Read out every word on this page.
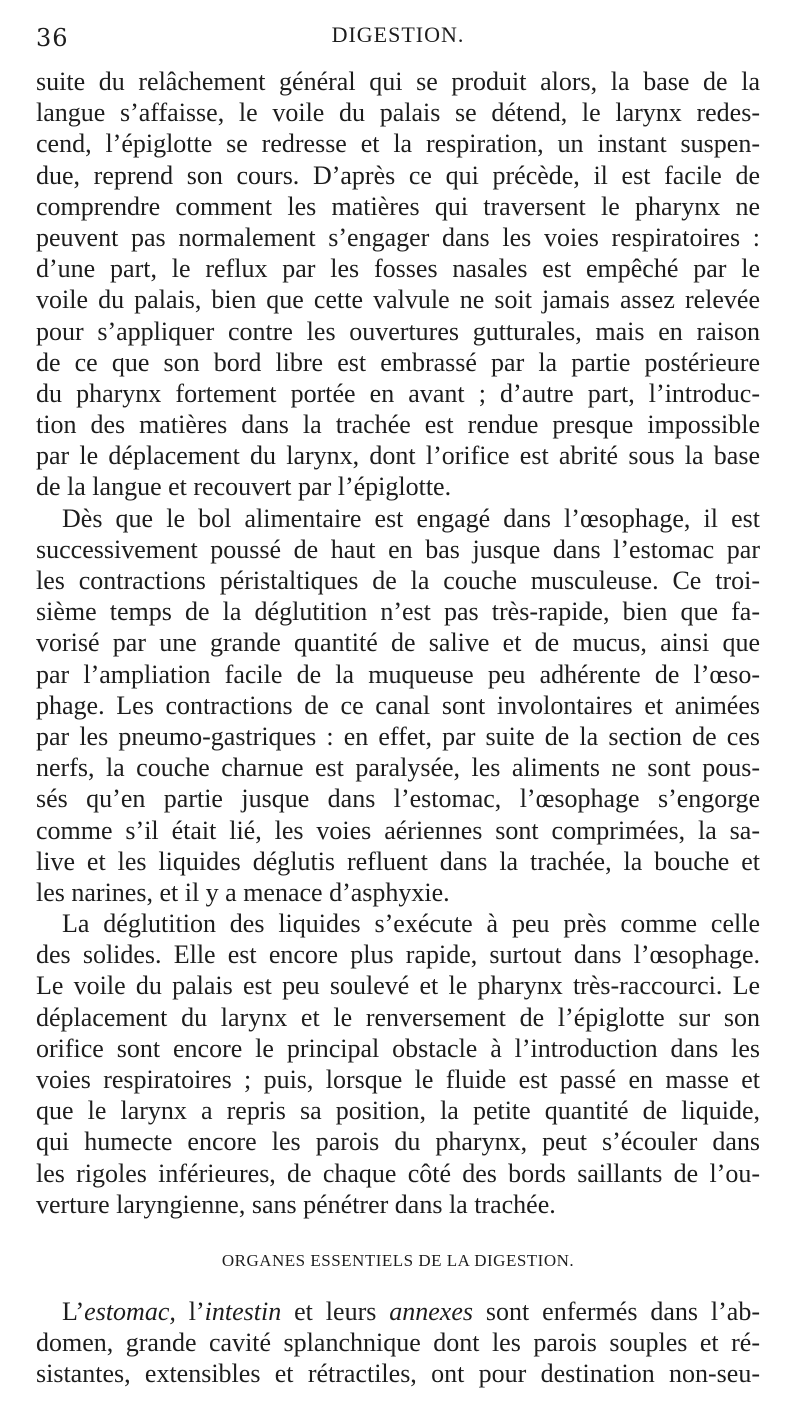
36	DIGESTION.
suite du relâchement général qui se produit alors, la base de la
langue s’affaisse, le voile du palais se détend, le larynx redes-
cend, l’épiglotte se redresse et la respiration, un instant suspen-
due, reprend son cours. D’après ce qui précède, il est facile de
comprendre comment les matières qui traversent le pharynx ne
peuvent pas normalement s’engager dans les voies respiratoires :
d’une part, le reflux par les fosses nasales est empêché par le
voile du palais, bien que cette valvule ne soit jamais assez relevée
pour s’appliquer contre les ouvertures gutturales, mais en raison
de ce que son bord libre est embrassé par la partie postérieure
du pharynx fortement portée en avant ; d’autre part, l’introduc-
tion des matières dans la trachée est rendue presque impossible
par le déplacement du larynx, dont l’orifice est abrité sous la base
de la langue et recouvert par l’épiglotte.
Dès que le bol alimentaire est engagé dans l’œsophage, il est
successivement poussé de haut en bas jusque dans l’estomac par
les contractions péristaltiques de la couche musculeuse. Ce troi-
sième temps de la déglutition n’est pas très-rapide, bien que fa-
vorisé par une grande quantité de salive et de mucus, ainsi que
par l’ampliation facile de la muqueuse peu adhérente de l’œso-
phage. Les contractions de ce canal sont involontaires et animées
par les pneumo-gastriques : en effet, par suite de la section de ces
nerfs, la couche charnue est paralysée, les aliments ne sont pous-
sés qu’en partie jusque dans l’estomac, l’œsophage s’engorge
comme s’il était lié, les voies aériennes sont comprimées, la sa-
live et les liquides déglutis refluent dans la trachée, la bouche et
les narines, et il y a menace d’asphyxie.
La déglutition des liquides s’exécute à peu près comme celle
des solides. Elle est encore plus rapide, surtout dans l’œsophage.
Le voile du palais est peu soulevé et le pharynx très-raccourci. Le
déplacement du larynx et le renversement de l’épiglotte sur son
orifice sont encore le principal obstacle à l’introduction dans les
voies respiratoires ; puis, lorsque le fluide est passé en masse et
que le larynx a repris sa position, la petite quantité de liquide,
qui humecte encore les parois du pharynx, peut s’écouler dans
les rigoles inférieures, de chaque côté des bords saillants de l’ou-
verture laryngienne, sans pénétrer dans la trachée.
ORGANES ESSENTIELS DE LA DIGESTION.
L’estomac, l’intestin et leurs annexes sont enfermés dans l’ab-
domen, grande cavité splanchnique dont les parois souples et ré-
sistantes, extensibles et rétractiles, ont pour destination non-seu-
